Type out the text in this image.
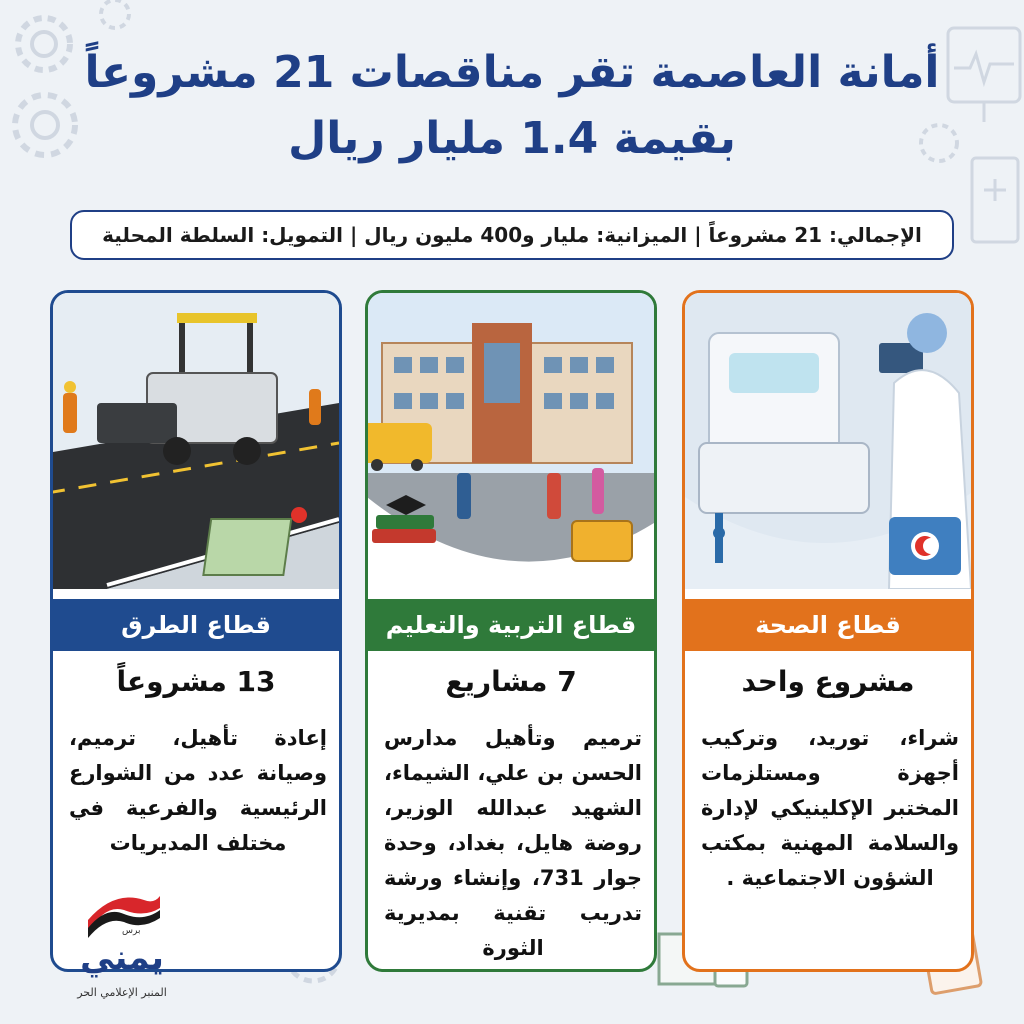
أمانة العاصمة تقر مناقصات 21 مشروعاً
بقيمة 1.4 مليار ريال
الإجمالي: 21 مشروعاً | الميزانية: مليار و400 مليون ريال | التمويل: السلطة المحلية
قطاع الصحة
مشروع واحد
شراء، توريد، وتركيب أجهزة ومستلزمات المختبر الإكلينيكي لإدارة والسلامة المهنية بمكتب الشؤون الاجتماعية .
قطاع التربية والتعليم
7 مشاريع
ترميم وتأهيل مدارس الحسن بن علي، الشيماء، الشهيد عبدالله الوزير، روضة هايل، بغداد، وحدة جوار 731، وإنشاء ورشة تدريب تقنية بمديرية الثورة
قطاع الطرق
13 مشروعاً
إعادة تأهيل، ترميم، وصيانة عدد من الشوارع الرئيسية والفرعية في مختلف المديريات
برس
يمني
المنبر الإعلامي الحر
